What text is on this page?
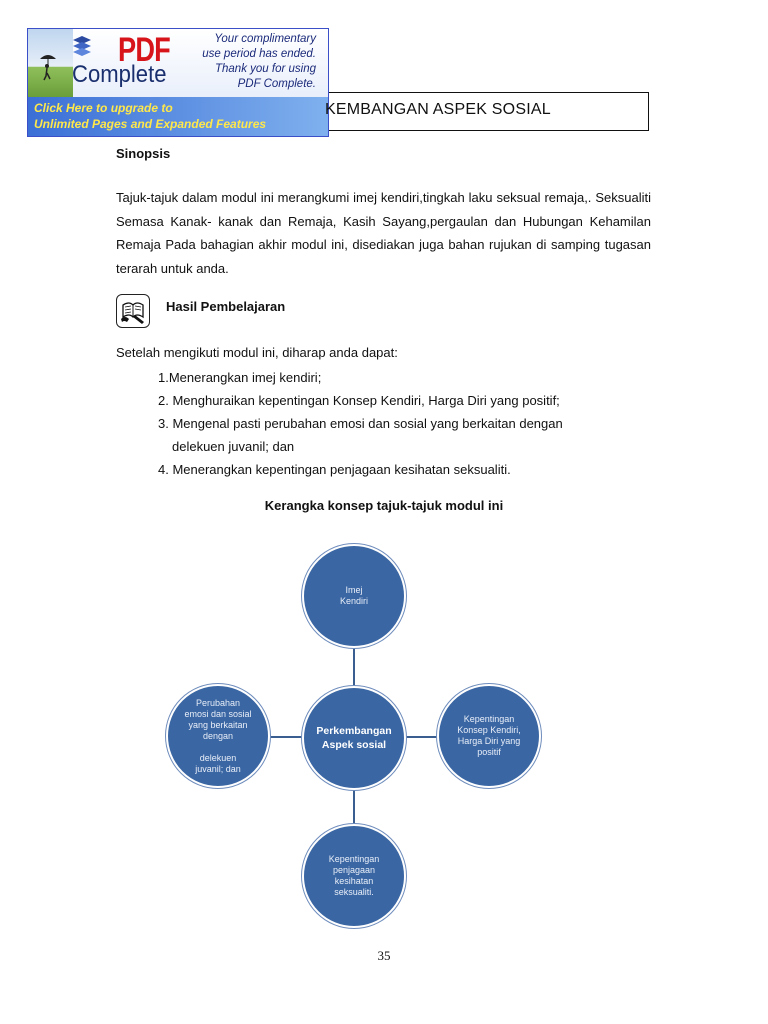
PDF
Complete
Your complimentary
use period has ended.
Thank you for using
PDF Complete.
Click Here to upgrade to
Unlimited Pages and Expanded Features
KEMBANGAN ASPEK SOSIAL
Sinopsis
Tajuk-tajuk dalam modul ini merangkumi imej kendiri,tingkah laku seksual remaja,. Seksualiti Semasa Kanak- kanak dan Remaja, Kasih Sayang,pergaulan dan Hubungan Kehamilan Remaja Pada bahagian akhir modul ini, disediakan juga bahan rujukan di samping tugasan terarah untuk anda.
Hasil Pembelajaran
Setelah mengikuti modul ini, diharap anda dapat:
1.Menerangkan imej kendiri;
2. Menghuraikan kepentingan Konsep Kendiri, Harga Diri yang positif;
3. Mengenal pasti perubahan emosi dan sosial yang berkaitan dengan
delekuen juvanil; dan
4. Menerangkan kepentingan penjagaan kesihatan seksualiti.
Kerangka konsep tajuk-tajuk modul ini
Imej
Kendiri
Perkembangan
Aspek sosial
Kepentingan
Konsep Kendiri,
Harga Diri yang
positif
Kepentingan
penjagaan
kesihatan
seksualiti.
Perubahan
emosi dan sosial
yang berkaitan
dengan

delekuen
juvanil; dan
35
